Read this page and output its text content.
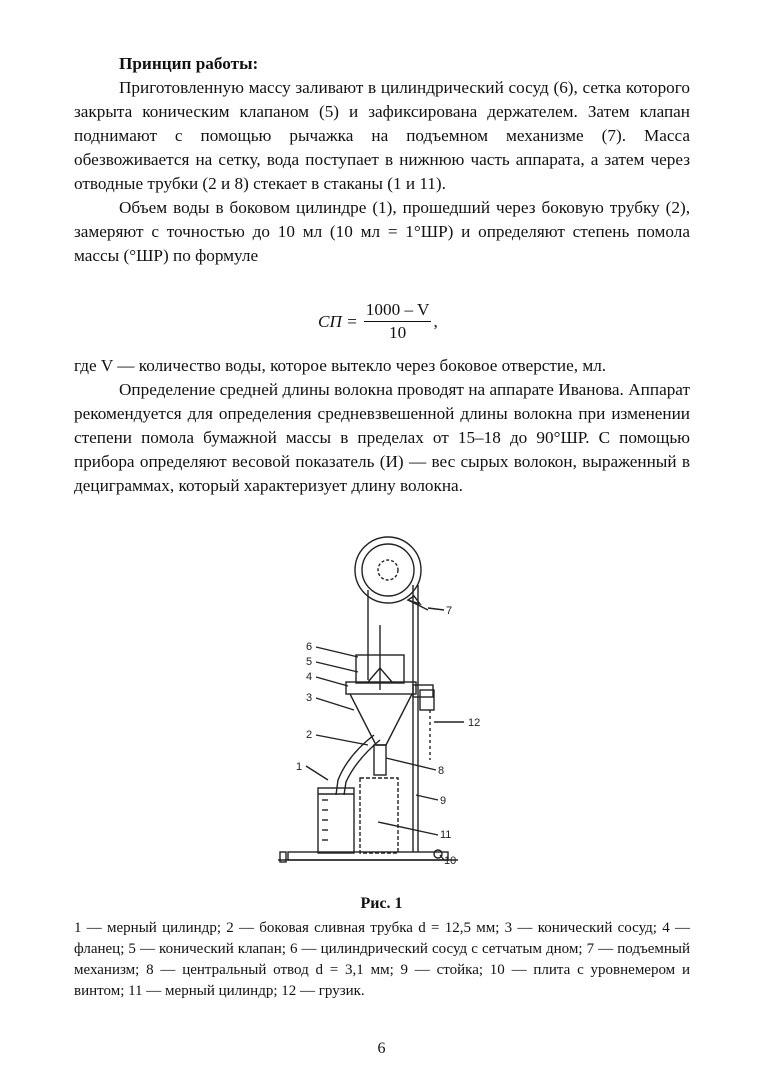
Принцип работы:

Приготовленную массу заливают в цилиндрический сосуд (6), сетка которого закрыта коническим клапаном (5) и зафиксирована держателем. Затем клапан поднимают с помощью рычажка на подъемном механизме (7). Масса обезвоживается на сетку, вода поступает в нижнюю часть аппарата, а затем через отводные трубки (2 и 8) стекает в стаканы (1 и 11).

Объем воды в боковом цилиндре (1), прошедший через боковую трубку (2), замеряют с точностью до 10 мл (10 мл = 1°ШР) и определяют степень помола массы (°ШР) по формуле

СП = $\frac{1000 - V}{10}$ ,

где V — количество воды, которое вытекло через боковое отверстие, мл.

Определение средней длины волокна проводят на аппарате Иванова. Аппарат рекомендуется для определения средневзвешенной длины волокна при изменении степени помола бумажной массы в пределах от 15–18 до 90°ШР. С помощью прибора определяют весовой показатель (И) — вес сырых волокон, выраженный в дециграммах, который характеризует длину волокна.

6
5
4
3
2
1
7
12
8
9
11
10
Рис. 1

1 — мерный цилиндр; 2 — боковая сливная трубка d = 12,5 мм; 3 — конический сосуд; 4 — фланец; 5 — конический клапан; 6 — цилиндрический сосуд с сетчатым дном; 7 — подъемный механизм; 8 — центральный отвод d = 3,1 мм; 9 — стойка; 10 — плита с уровнемером и винтом; 11 — мерный цилиндр; 12 — грузик.

6
